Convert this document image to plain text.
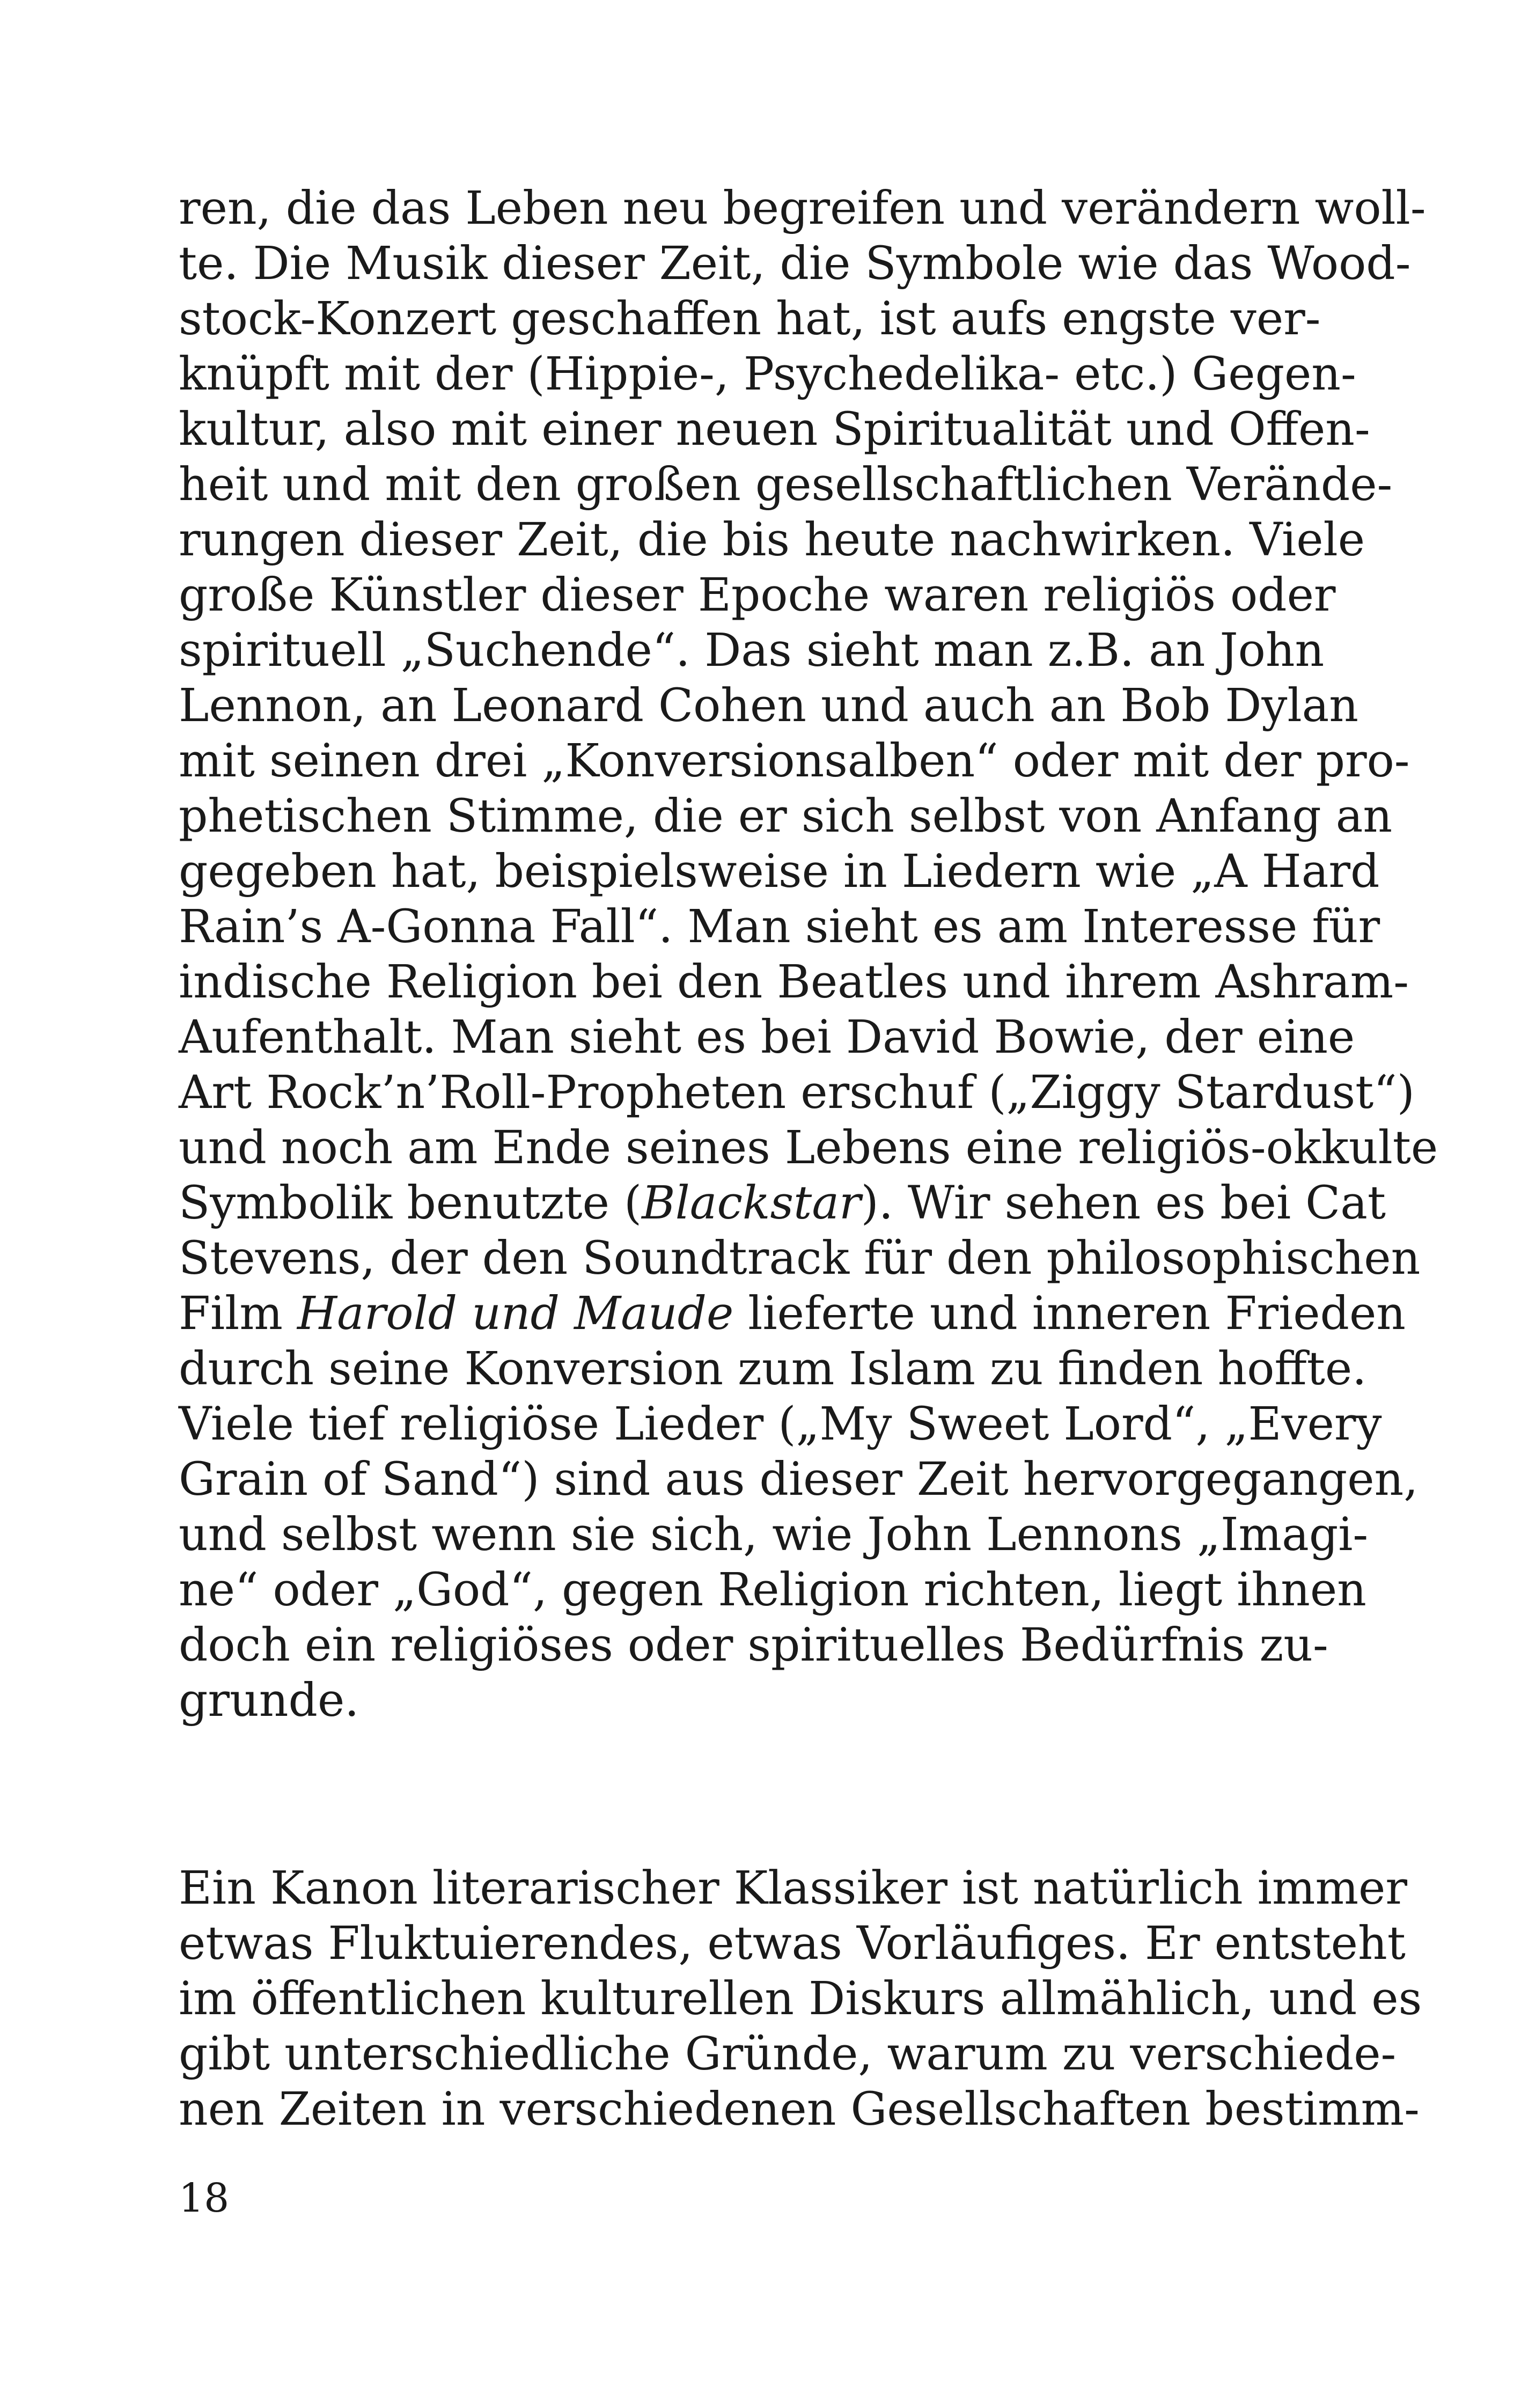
ren, die das Leben neu begreifen und verändern woll-
te. Die Musik dieser Zeit, die Symbole wie das Wood-
stock-Konzert geschaffen hat, ist aufs engste ver-
knüpft mit der (Hippie-, Psychedelika- etc.) Gegen-
kultur, also mit einer neuen Spiritualität und Offen-
heit und mit den großen gesellschaftlichen Verände-
rungen dieser Zeit, die bis heute nachwirken. Viele
große Künstler dieser Epoche waren religiös oder
spirituell „Suchende“. Das sieht man z.B. an John
Lennon, an Leonard Cohen und auch an Bob Dylan
mit seinen drei „Konversionsalben“ oder mit der pro-
phetischen Stimme, die er sich selbst von Anfang an
gegeben hat, beispielsweise in Liedern wie „A Hard
Rain’s A-Gonna Fall“. Man sieht es am Interesse für
indische Religion bei den Beatles und ihrem Ashram-
Aufenthalt. Man sieht es bei David Bowie, der eine
Art Rock’n’Roll-Propheten erschuf („Ziggy Stardust“)
und noch am Ende seines Lebens eine religiös-okkulte
Symbolik benutzte (Blackstar). Wir sehen es bei Cat
Stevens, der den Soundtrack für den philosophischen
Film Harold und Maude lieferte und inneren Frieden
durch seine Konversion zum Islam zu finden hoffte.
Viele tief religiöse Lieder („My Sweet Lord“, „Every
Grain of Sand“) sind aus dieser Zeit hervorgegangen,
und selbst wenn sie sich, wie John Lennons „Imagi-
ne“ oder „God“, gegen Religion richten, liegt ihnen
doch ein religiöses oder spirituelles Bedürfnis zu-
grunde.
Ein Kanon literarischer Klassiker ist natürlich immer
etwas Fluktuierendes, etwas Vorläufiges. Er entsteht
im öffentlichen kulturellen Diskurs allmählich, und es
gibt unterschiedliche Gründe, warum zu verschiede-
nen Zeiten in verschiedenen Gesellschaften bestimm-
18
